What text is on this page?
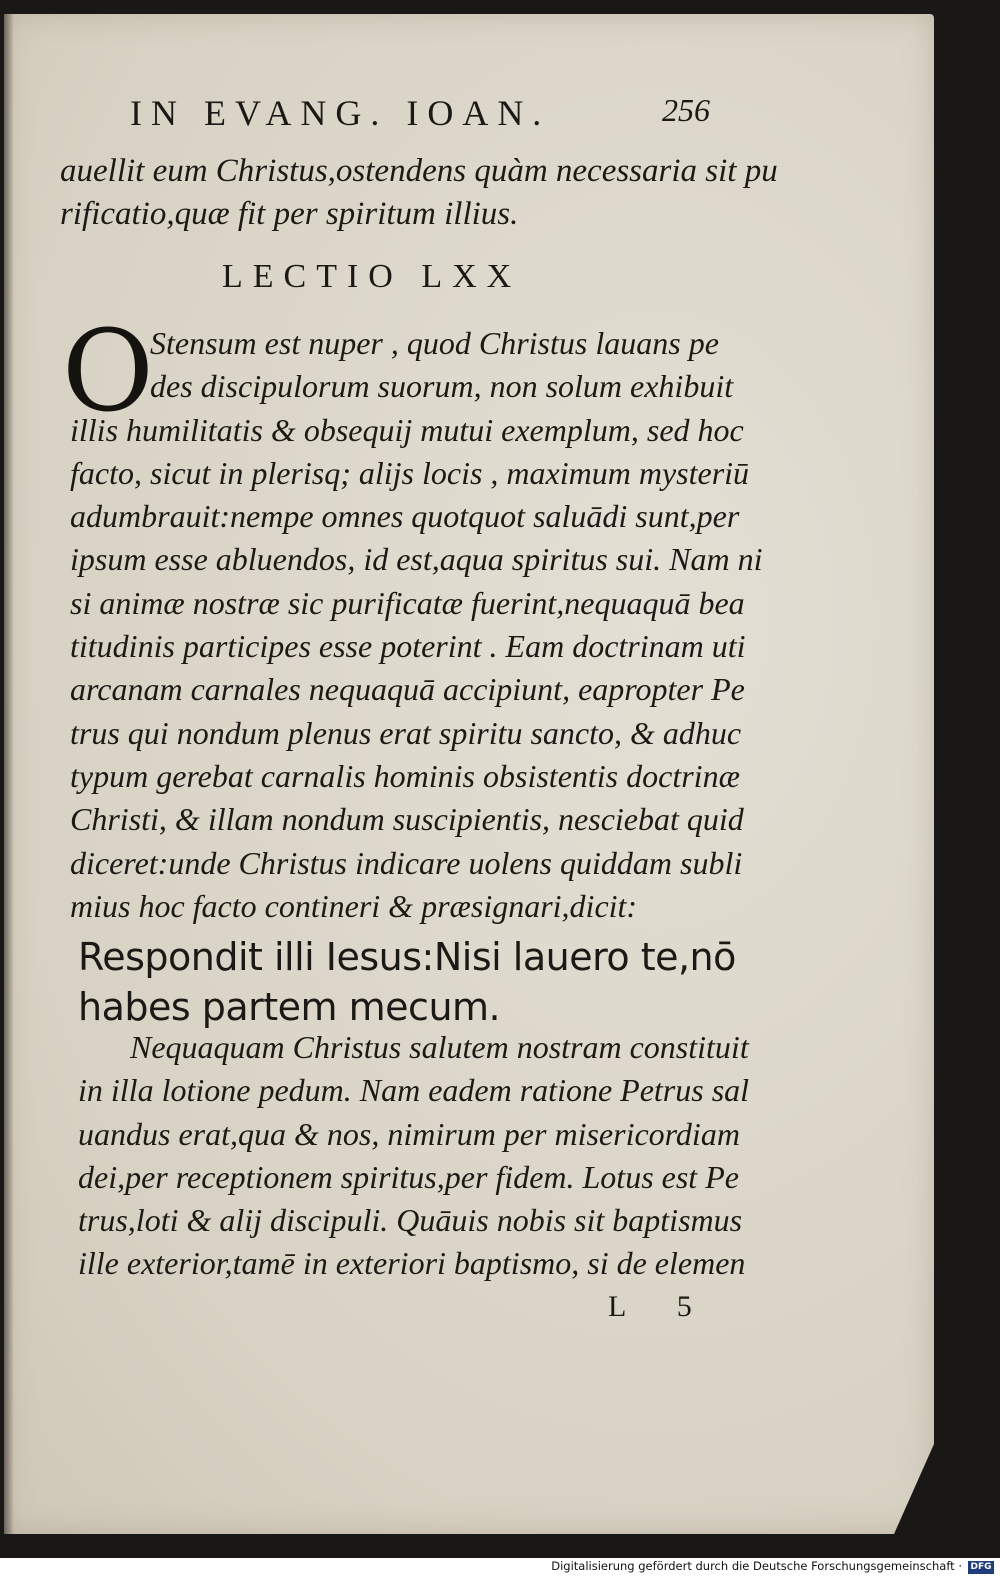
IN EVANG. IOAN.	256
auellit eum Christus,ostendens quàm necessaria sit pu
rificatio,quæ fit per spiritum illius.
LECTIO LXX
O
Stensum est nuper , quod Christus lauans pe
des discipulorum suorum, non solum exhibuit
illis humilitatis & obsequij mutui exemplum, sed hoc
facto, sicut in plerisq; alijs locis , maximum mysteriū
adumbrauit:nempe omnes quotquot saluādi sunt,per
ipsum esse abluendos, id est,aqua spiritus sui. Nam ni
si animæ nostræ sic purificatæ fuerint,nequaquā bea
titudinis participes esse poterint . Eam doctrinam uti
arcanam carnales nequaquā accipiunt, eapropter Pe
trus qui nondum plenus erat spiritu sancto, & adhuc
typum gerebat carnalis hominis obsistentis doctrinæ
Christi, & illam nondum suscipientis, nesciebat quid
diceret:unde Christus indicare uolens quiddam subli
mius hoc facto contineri & præsignari,dicit:
Respondit illi Iesus:Nisi lauero te,nō
habes partem mecum.
Nequaquam Christus salutem nostram constituit
in illa lotione pedum. Nam eadem ratione Petrus sal
uandus erat,qua & nos, nimirum per misericordiam
dei,per receptionem spiritus,per fidem. Lotus est Pe
trus,loti & alij discipuli. Quāuis nobis sit baptismus
ille exterior,tamē in exteriori baptismo, si de elemen
L 5
Digitalisierung gefördert durch die Deutsche Forschungsgemeinschaft · DFG
